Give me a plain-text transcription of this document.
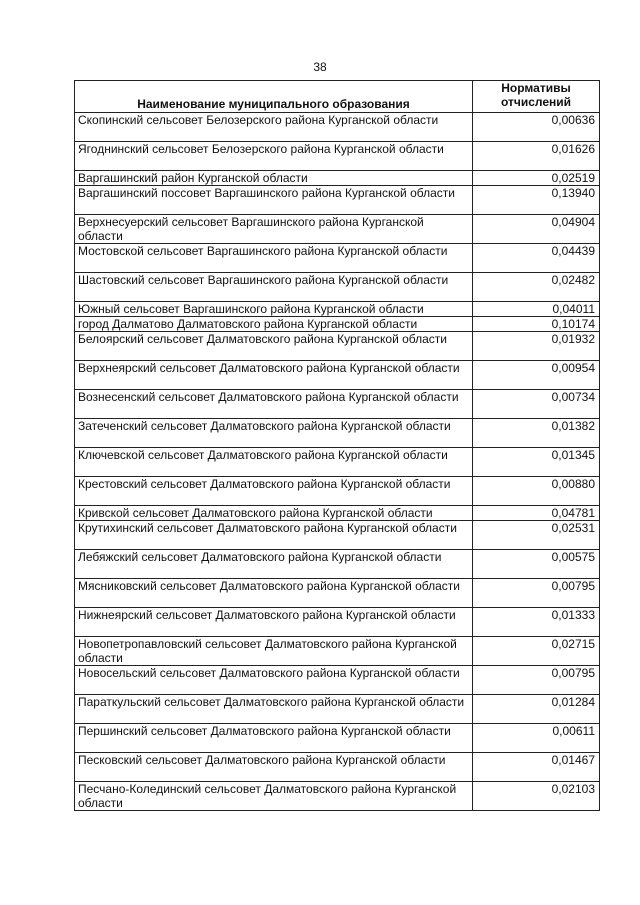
38
Наименование муниципального образования	Нормативы отчислений
Скопинский сельсовет Белозерского района Курганской области	0,00636
Ягоднинский сельсовет Белозерского района Курганской области	0,01626
Варгашинский район Курганской области	0,02519
Варгашинский поссовет Варгашинского района Курганской области	0,13940
Верхнесуерский сельсовет Варгашинского района Курганской области	0,04904
Мостовской сельсовет Варгашинского района Курганской области	0,04439
Шастовский сельсовет Варгашинского района Курганской области	0,02482
Южный сельсовет Варгашинского района Курганской области	0,04011
город Далматово Далматовского района Курганской области	0,10174
Белоярский сельсовет Далматовского района Курганской области	0,01932
Верхнеярский сельсовет Далматовского района Курганской области	0,00954
Вознесенский сельсовет Далматовского района Курганской области	0,00734
Затеченский сельсовет Далматовского района Курганской области	0,01382
Ключевской сельсовет Далматовского района Курганской области	0,01345
Крестовский сельсовет Далматовского района Курганской области	0,00880
Кривской сельсовет Далматовского района Курганской области	0,04781
Крутихинский сельсовет Далматовского района Курганской области	0,02531
Лебяжский сельсовет Далматовского района Курганской области	0,00575
Мясниковский сельсовет Далматовского района Курганской области	0,00795
Нижнеярский сельсовет Далматовского района Курганской области	0,01333
Новопетропавловский сельсовет Далматовского района Курганской области	0,02715
Новосельский сельсовет Далматовского района Курганской области	0,00795
Параткульский сельсовет Далматовского района Курганской области	0,01284
Першинский сельсовет Далматовского района Курганской области	0,00611
Песковский сельсовет Далматовского района Курганской области	0,01467
Песчано-Колединский сельсовет Далматовского района Курганской области	0,02103
